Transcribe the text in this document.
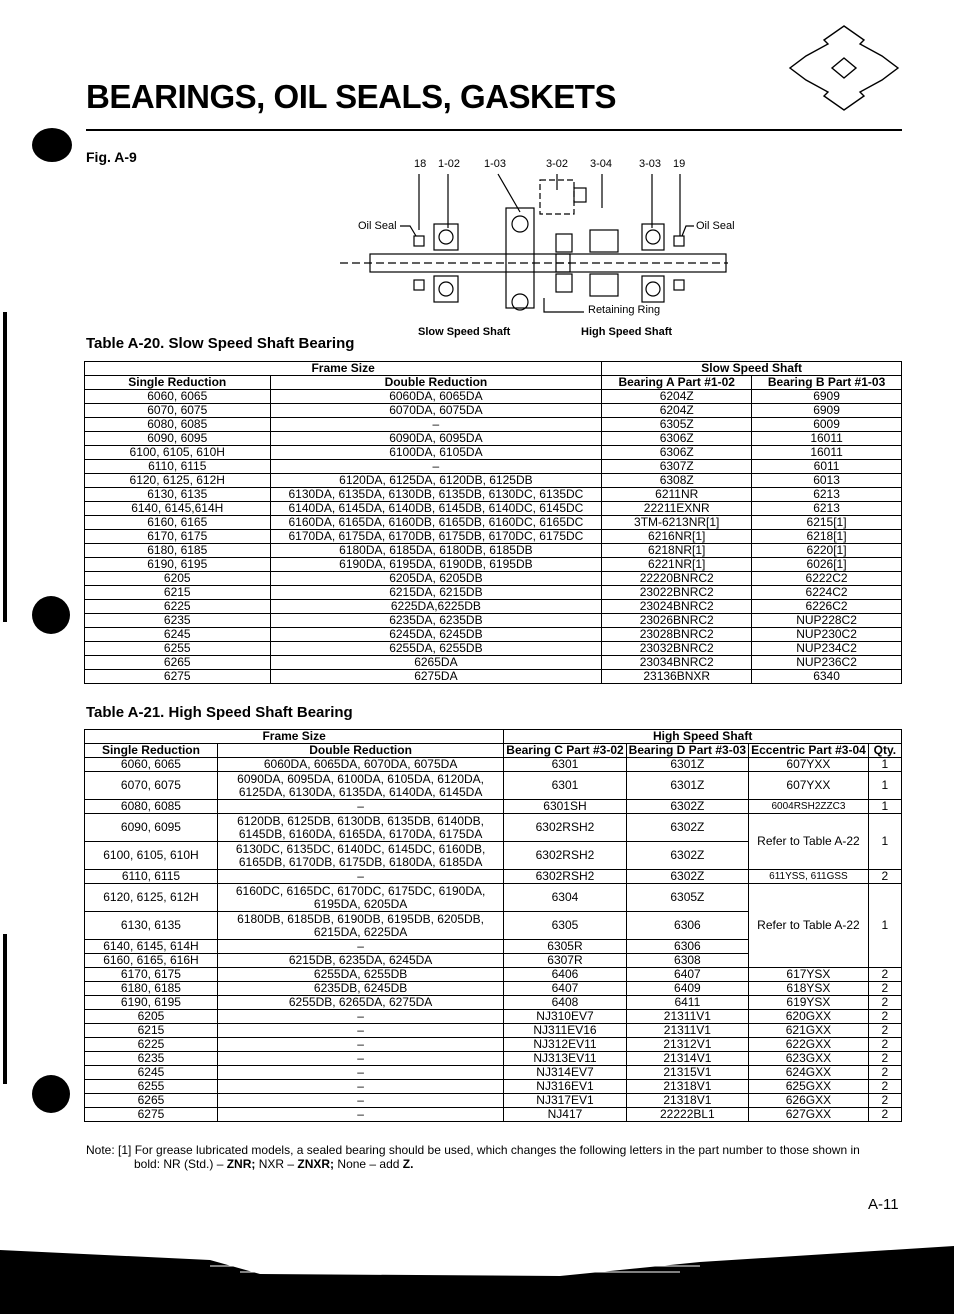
BEARINGS, OIL SEALS, GASKETS
Fig. A-9	18 1-02 1-03	3-02 3-04 3-03 19
Oil Seal	Oil Seal
Retaining Ring
Slow Speed Shaft	High Speed Shaft
Table A-20. Slow Speed Shaft Bearing
Frame Size		Slow Speed Shaft	
Single Reduction	Double Reduction	Bearing A Part #1-02	Bearing B Part #1-03
6060, 6065	6060DA, 6065DA	6204Z	6909
6070, 6075	6070DA, 6075DA	6204Z	6909
6080, 6085	–	6305Z	6009
6090, 6095	6090DA, 6095DA	6306Z	16011
6100, 6105, 610H	6100DA, 6105DA	6306Z	16011
6110, 6115	–	6307Z	6011
6120, 6125, 612H	6120DA, 6125DA, 6120DB, 6125DB	6308Z	6013
6130, 6135	6130DA, 6135DA, 6130DB, 6135DB, 6130DC, 6135DC	6211NR	6213
6140, 6145,614H	6140DA, 6145DA, 6140DB, 6145DB, 6140DC, 6145DC	22211EXNR	6213
6160, 6165	6160DA, 6165DA, 6160DB, 6165DB, 6160DC, 6165DC	3TM-6213NR[1]	6215[1]
6170, 6175	6170DA, 6175DA, 6170DB, 6175DB, 6170DC, 6175DC	6216NR[1]	6218[1]
6180, 6185	6180DA, 6185DA, 6180DB, 6185DB	6218NR[1]	6220[1]
6190, 6195	6190DA, 6195DA, 6190DB, 6195DB	6221NR[1]	6026[1]
6205	6205DA, 6205DB	22220BNRC2	6222C2
6215	6215DA, 6215DB	23022BNRC2	6224C2
6225	6225DA,6225DB	23024BNRC2	6226C2
6235	6235DA, 6235DB	23026BNRC2	NUP228C2
6245	6245DA, 6245DB	23028BNRC2	NUP230C2
6255	6255DA, 6255DB	23032BNRC2	NUP234C2
6265	6265DA	23034BNRC2	NUP236C2
6275	6275DA	23136BNXR	6340
Table A-21. High Speed Shaft Bearing
Frame Size		High Speed Shaft			
Single Reduction	Double Reduction	Bearing C Part #3-02	Bearing D Part #3-03	Eccentric Part #3-04	Qty.
6060, 6065	6060DA, 6065DA, 6070DA, 6075DA	6301	6301Z	607YXX	1
6070, 6075	6090DA, 6095DA, 6100DA, 6105DA, 6120DA, 6125DA, 6130DA, 6135DA, 6140DA, 6145DA	6301	6301Z	607YXX	1
6080, 6085	–	6301SH	6302Z	6004RSH2ZZC3	1
6090, 6095	6120DB, 6125DB, 6130DB, 6135DB, 6140DB, 6145DB, 6160DA, 6165DA, 6170DA, 6175DA	6302RSH2	6302Z	Refer to Table A-22	1
6100, 6105, 610H	6130DC, 6135DC, 6140DC, 6145DC, 6160DB, 6165DB, 6170DB, 6175DB, 6180DA, 6185DA	6302RSH2	6302Z		
6110, 6115	–	6302RSH2	6302Z	611YSS, 611GSS	2
6120, 6125, 612H	6160DC, 6165DC, 6170DC, 6175DC, 6190DA, 6195DA, 6205DA	6304	6305Z	Refer to Table A-22	1
6130, 6135	6180DB, 6185DB, 6190DB, 6195DB, 6205DB, 6215DA, 6225DA	6305	6306		
6140, 6145, 614H	–	6305R	6306		
6160, 6165, 616H	6215DB, 6235DA, 6245DA	6307R	6308		
6170, 6175	6255DA, 6255DB	6406	6407	617YSX	2
6180, 6185	6235DB, 6245DB	6407	6409	618YSX	2
6190, 6195	6255DB, 6265DA, 6275DA	6408	6411	619YSX	2
6205	–	NJ310EV7	21311V1	620GXX	2
6215	–	NJ311EV16	21311V1	621GXX	2
6225	–	NJ312EV11	21312V1	622GXX	2
6235	–	NJ313EV11	21314V1	623GXX	2
6245	–	NJ314EV7	21315V1	624GXX	2
6255	–	NJ316EV1	21318V1	625GXX	2
6265	–	NJ317EV1	21318V1	626GXX	2
6275	–	NJ417	22222BL1	627GXX	2
Note: [1] For grease lubricated models, a sealed bearing should be used, which changes the following letters in the part number to those shown in
bold: NR (Std.) – ZNR; NXR – ZNXR; None – add Z.
A-11
